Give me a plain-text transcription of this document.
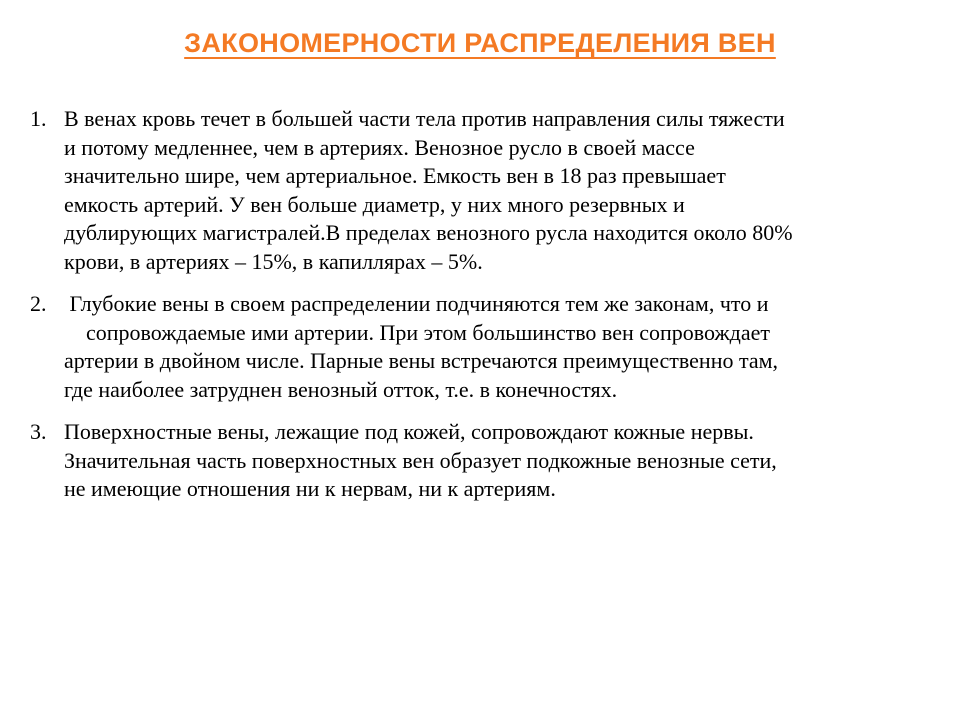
ЗАКОНОМЕРНОСТИ РАСПРЕДЕЛЕНИЯ ВЕН
1. В венах кровь течет в большей части тела против направления силы тяжести
и потому медленнее, чем в артериях. Венозное русло в своей массе
значительно шире, чем артериальное. Емкость вен в 18 раз превышает
емкость артерий. У вен больше диаметр, у них много резервных и
дублирующих магистралей.В пределах венозного русла находится около 80%
крови, в артериях – 15%, в капиллярах – 5%.
2. Глубокие вены в своем распределении подчиняются тем же законам, что и
сопровождаемые ими артерии. При этом большинство вен сопровождает
артерии в двойном числе. Парные вены встречаются преимущественно там,
где наиболее затруднен венозный отток, т.е. в конечностях.
3. Поверхностные вены, лежащие под кожей, сопровождают кожные нервы.
Значительная часть поверхностных вен образует подкожные венозные сети,
не имеющие отношения ни к нервам, ни к артериям.
